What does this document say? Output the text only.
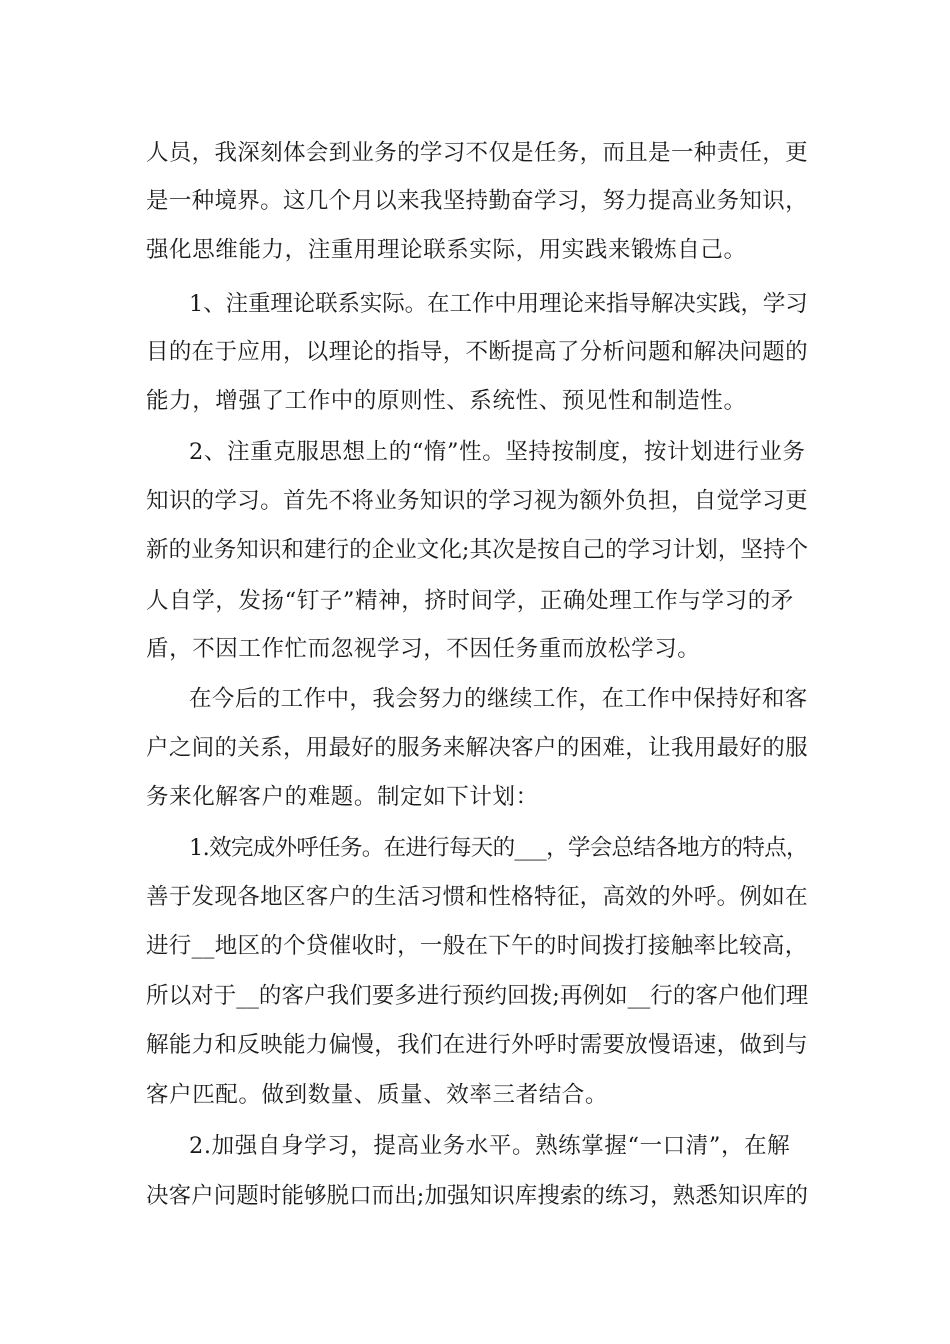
人员，我深刻体会到业务的学习不仅是任务，而且是一种责任，更
是一种境界。这几个月以来我坚持勤奋学习，努力提高业务知识，
强化思维能力，注重用理论联系实际，用实践来锻炼自己。
1、注重理论联系实际。在工作中用理论来指导解决实践，学习
目的在于应用，以理论的指导，不断提高了分析问题和解决问题的
能力，增强了工作中的原则性、系统性、预见性和制造性。
2、注重克服思想上的“惰”性。坚持按制度，按计划进行业务
知识的学习。首先不将业务知识的学习视为额外负担，自觉学习更
新的业务知识和建行的企业文化;其次是按自己的学习计划，坚持个
人自学，发扬“钉子”精神，挤时间学，正确处理工作与学习的矛
盾，不因工作忙而忽视学习，不因任务重而放松学习。
在今后的工作中，我会努力的继续工作，在工作中保持好和客
户之间的关系，用最好的服务来解决客户的困难，让我用最好的服
务来化解客户的难题。制定如下计划：
1.效完成外呼任务。在进行每天的___，学会总结各地方的特点，
善于发现各地区客户的生活习惯和性格特征，高效的外呼。例如在
进行__地区的个贷催收时，一般在下午的时间拨打接触率比较高，
所以对于__的客户我们要多进行预约回拨;再例如__行的客户他们理
解能力和反映能力偏慢，我们在进行外呼时需要放慢语速，做到与
客户匹配。做到数量、质量、效率三者结合。
2.加强自身学习，提高业务水平。熟练掌握“一口清”，在解
决客户问题时能够脱口而出;加强知识库搜索的练习，熟悉知识库的
